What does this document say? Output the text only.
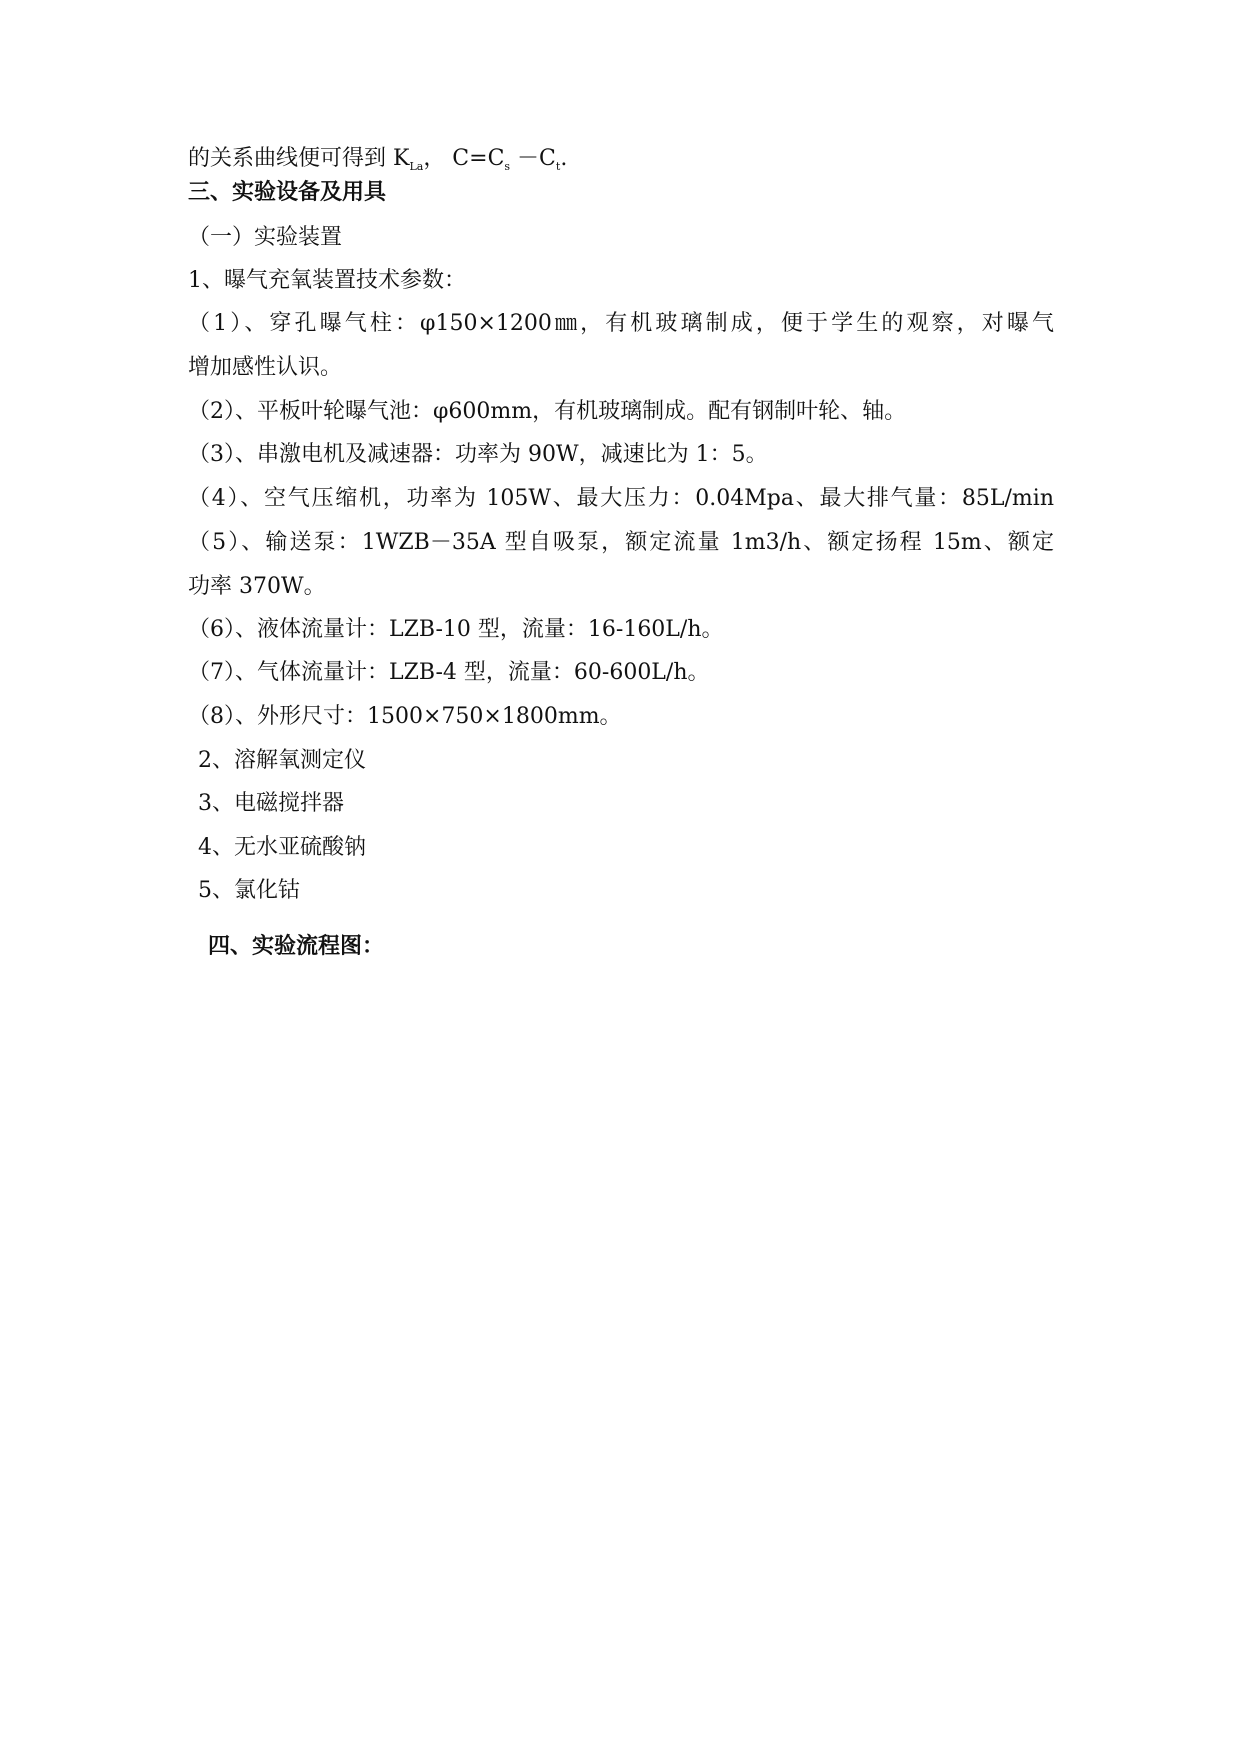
的关系曲线便可得到 $K_{La}$， $C=C_s -C_t$.
三、实验设备及用具
（一）实验装置
1、曝气充氧装置技术参数：
（1）、穿孔曝气柱：φ150×1200㎜，有机玻璃制成，便于学生的观察，对曝气
增加感性认识。
（2）、平板叶轮曝气池：φ600mm，有机玻璃制成。配有钢制叶轮、轴。
（3）、串激电机及减速器：功率为 90W，减速比为 1：5。
（4）、空气压缩机，功率为 105W、最大压力：0.04Mpa、最大排气量：85L/min
（5）、输送泵：1WZB－35A 型自吸泵，额定流量 1m3/h、额定扬程 15m、额定
功率 370W。
（6）、液体流量计：LZB-10 型，流量：16-160L/h。
（7）、气体流量计：LZB-4 型，流量：60-600L/h。
（8）、外形尺寸：1500×750×1800mm。
2、溶解氧测定仪
3、电磁搅拌器
4、无水亚硫酸钠
5、氯化钴
四、实验流程图：
